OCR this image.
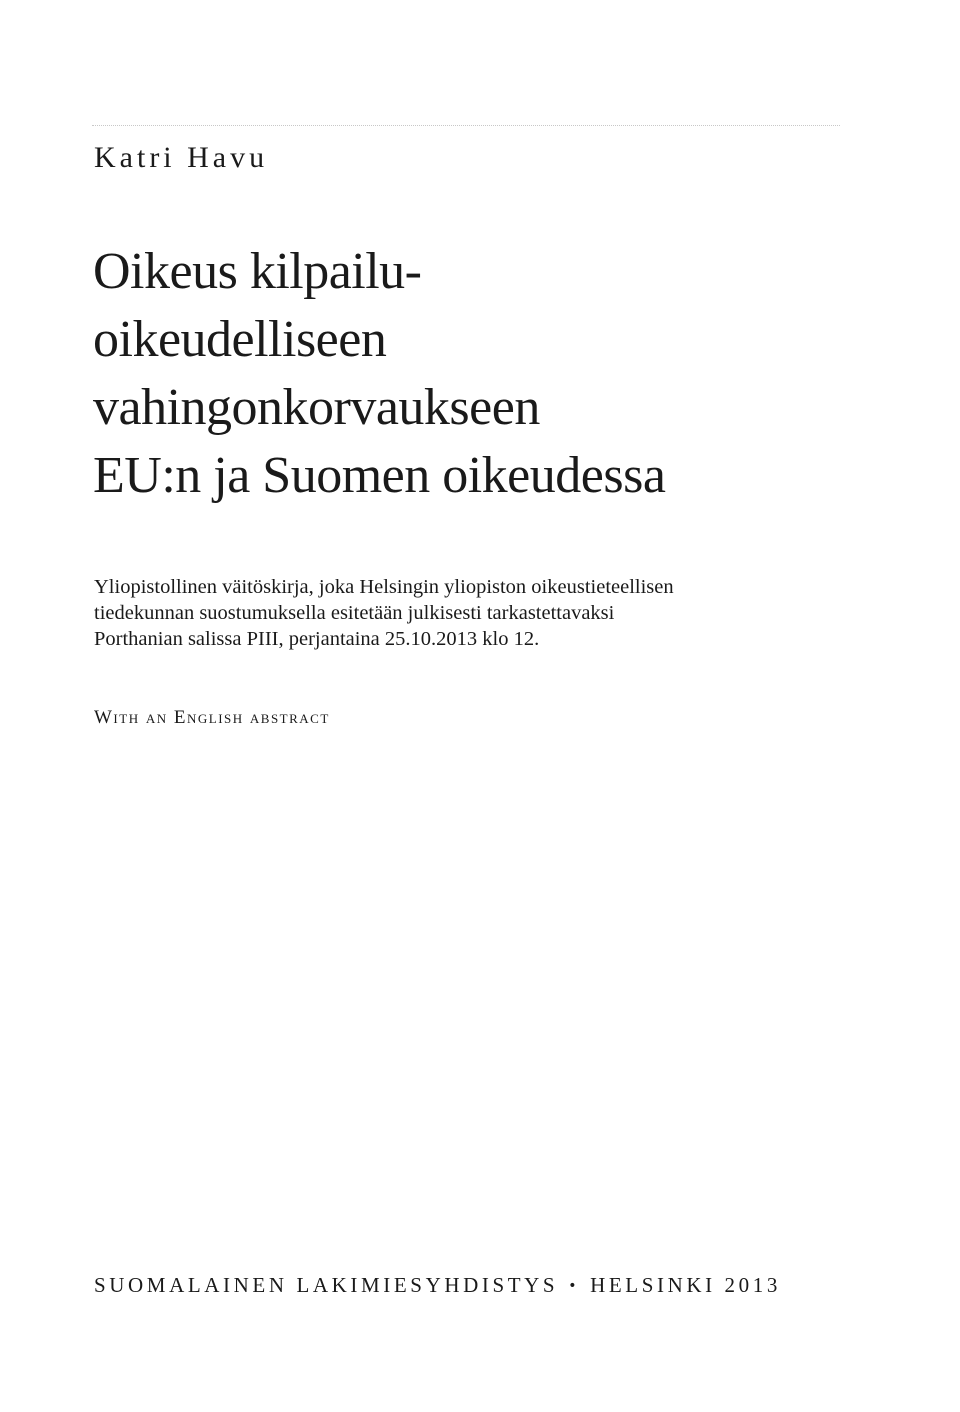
Katri Havu
Oikeus kilpailu-
oikeudelliseen
vahingonkorvaukseen
EU:n ja Suomen oikeudessa

Yliopistollinen väitöskirja, joka Helsingin yliopiston oikeustieteellisen
tiedekunnan suostumuksella esitetään julkisesti tarkastettavaksi
Porthanian salissa PIII, perjantaina 25.10.2013 klo 12.

With an English abstract
SUOMALAINEN LAKIMIESYHDISTYS • HELSINKI 2013
